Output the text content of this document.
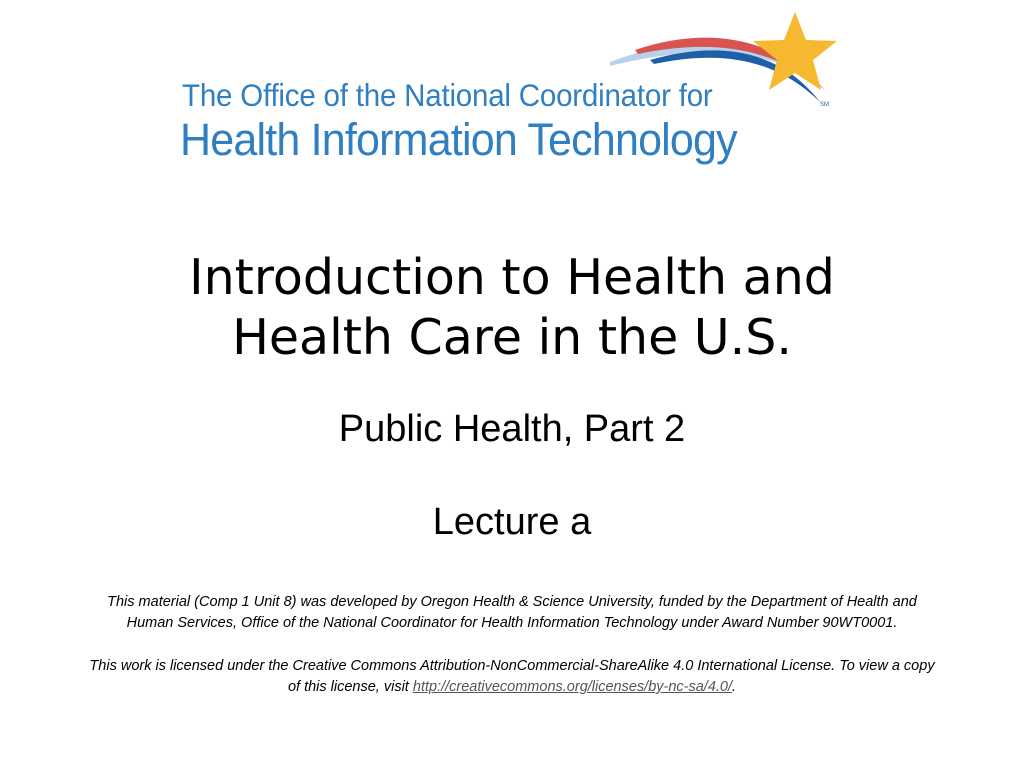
SM
The Office of the National Coordinator for
Health Information Technology
Introduction to Health and
Health Care in the U.S.
Public Health, Part 2
Lecture a
This material (Comp 1 Unit 8) was developed by Oregon Health & Science University, funded by the Department of Health and Human Services, Office of the National Coordinator for Health Information Technology under Award Number 90WT0001.
This work is licensed under the Creative Commons Attribution-NonCommercial-ShareAlike 4.0 International License. To view a copy of this license, visit http://creativecommons.org/licenses/by-nc-sa/4.0/.
